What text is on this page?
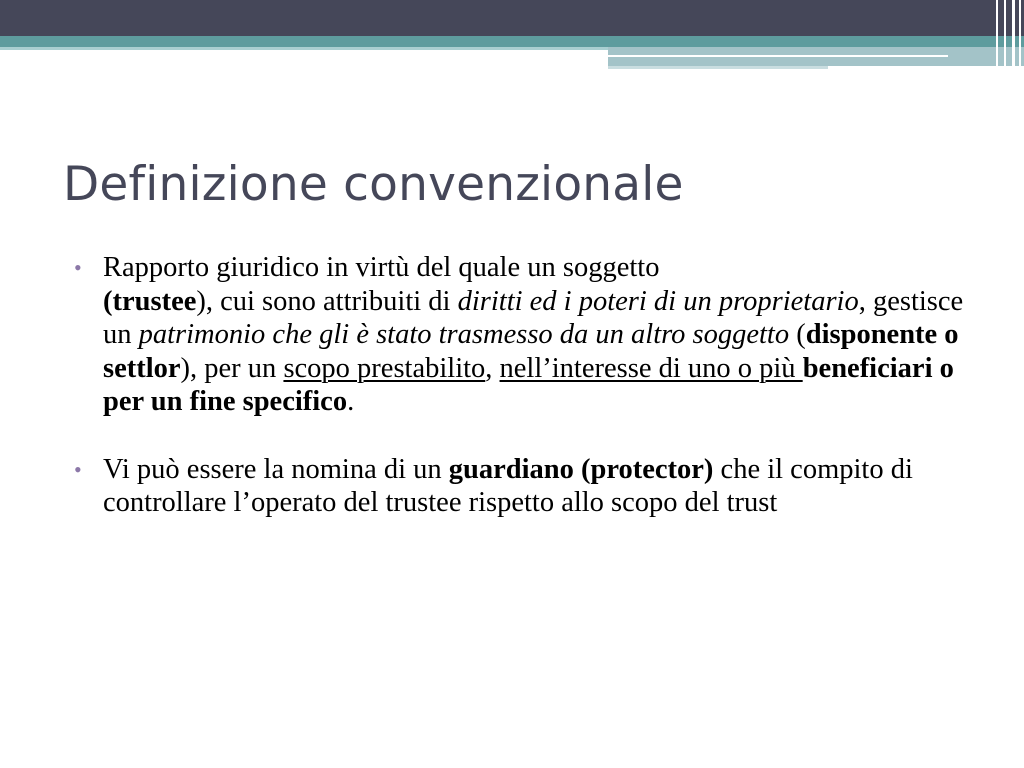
Definizione convenzionale
• Rapporto giuridico in virtù del quale un soggetto
(trustee), cui sono attribuiti di diritti ed i poteri di un proprietario, gestisce un patrimonio che gli è stato trasmesso da un altro soggetto (disponente o settlor), per un scopo prestabilito, nell’interesse di uno o più beneficiari o per un fine specifico.
• Vi può essere la nomina di un guardiano (protector) che il compito di controllare l’operato del trustee rispetto allo scopo del trust
